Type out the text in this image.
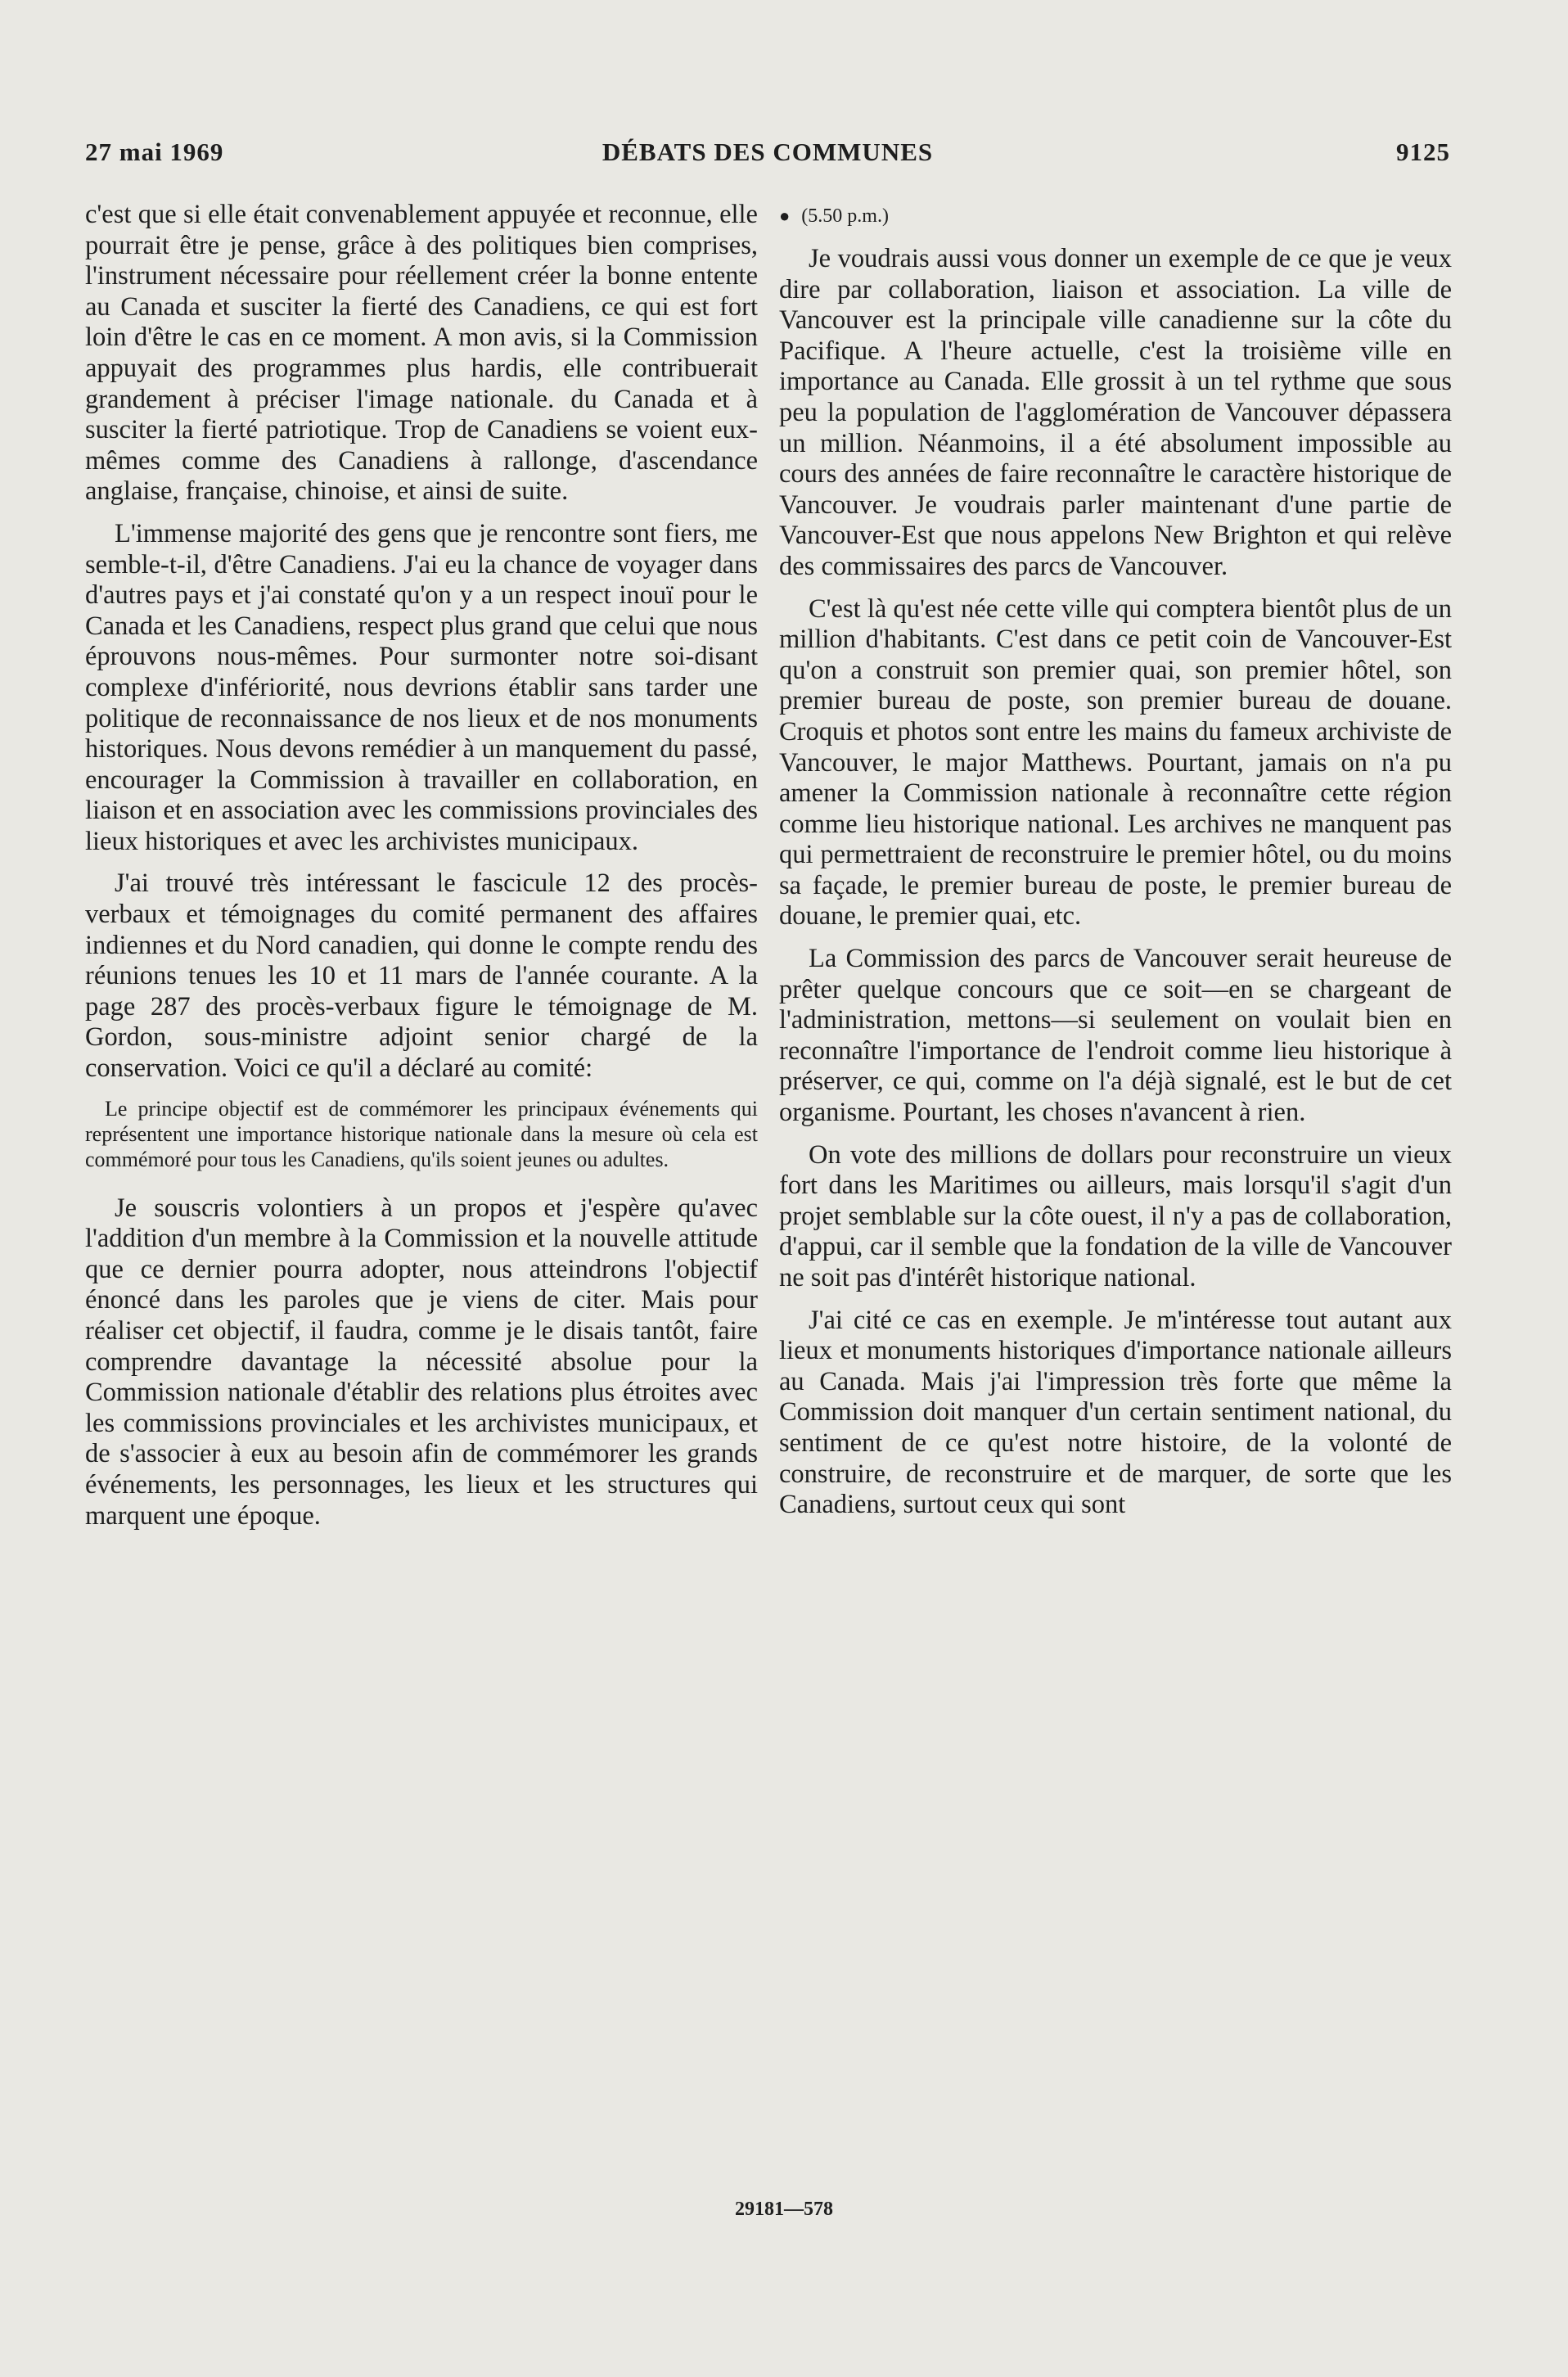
27 mai 1969	DÉBATS DES COMMUNES	9125

c'est que si elle était convenablement appuyée et reconnue, elle pourrait être je pense, grâce à des politiques bien comprises, l'instrument nécessaire pour réellement créer la bonne entente au Canada et susciter la fierté des Canadiens, ce qui est fort loin d'être le cas en ce moment. A mon avis, si la Commission appuyait des programmes plus hardis, elle contribuerait grandement à préciser l'image nationale. du Canada et à susciter la fierté patriotique. Trop de Canadiens se voient eux-mêmes comme des Canadiens à rallonge, d'ascendance anglaise, française, chinoise, et ainsi de suite.

L'immense majorité des gens que je rencontre sont fiers, me semble-t-il, d'être Canadiens. J'ai eu la chance de voyager dans d'autres pays et j'ai constaté qu'on y a un respect inouï pour le Canada et les Canadiens, respect plus grand que celui que nous éprouvons nous-mêmes. Pour surmonter notre soi-disant complexe d'infériorité, nous devrions établir sans tarder une politique de reconnaissance de nos lieux et de nos monuments historiques. Nous devons remédier à un manquement du passé, encourager la Commission à travailler en collaboration, en liaison et en association avec les commissions provinciales des lieux historiques et avec les archivistes municipaux.

J'ai trouvé très intéressant le fascicule 12 des procès-verbaux et témoignages du comité permanent des affaires indiennes et du Nord canadien, qui donne le compte rendu des réunions tenues les 10 et 11 mars de l'année courante. A la page 287 des procès-verbaux figure le témoignage de M. Gordon, sous-ministre adjoint senior chargé de la conservation. Voici ce qu'il a déclaré au comité:

Le principe objectif est de commémorer les principaux événements qui représentent une importance historique nationale dans la mesure où cela est commémoré pour tous les Canadiens, qu'ils soient jeunes ou adultes.

Je souscris volontiers à un propos et j'espère qu'avec l'addition d'un membre à la Commission et la nouvelle attitude que ce dernier pourra adopter, nous atteindrons l'objectif énoncé dans les paroles que je viens de citer. Mais pour réaliser cet objectif, il faudra, comme je le disais tantôt, faire comprendre davantage la nécessité absolue pour la Commission nationale d'établir des relations plus étroites avec les commissions provinciales et les archivistes municipaux, et de s'associer à eux au besoin afin de commémorer les grands événements, les personnages, les lieux et les structures qui marquent une époque.

● (5.50 p.m.)

Je voudrais aussi vous donner un exemple de ce que je veux dire par collaboration, liaison et association. La ville de Vancouver est la principale ville canadienne sur la côte du Pacifique. A l'heure actuelle, c'est la troisième ville en importance au Canada. Elle grossit à un tel rythme que sous peu la population de l'agglomération de Vancouver dépassera un million. Néanmoins, il a été absolument impossible au cours des années de faire reconnaître le caractère historique de Vancouver. Je voudrais parler maintenant d'une partie de Vancouver-Est que nous appelons New Brighton et qui relève des commissaires des parcs de Vancouver.

C'est là qu'est née cette ville qui comptera bientôt plus de un million d'habitants. C'est dans ce petit coin de Vancouver-Est qu'on a construit son premier quai, son premier hôtel, son premier bureau de poste, son premier bureau de douane. Croquis et photos sont entre les mains du fameux archiviste de Vancouver, le major Matthews. Pourtant, jamais on n'a pu amener la Commission nationale à reconnaître cette région comme lieu historique national. Les archives ne manquent pas qui permettraient de reconstruire le premier hôtel, ou du moins sa façade, le premier bureau de poste, le premier bureau de douane, le premier quai, etc.

La Commission des parcs de Vancouver serait heureuse de prêter quelque concours que ce soit—en se chargeant de l'administration, mettons—si seulement on voulait bien en reconnaître l'importance de l'endroit comme lieu historique à préserver, ce qui, comme on l'a déjà signalé, est le but de cet organisme. Pourtant, les choses n'avancent à rien.

On vote des millions de dollars pour reconstruire un vieux fort dans les Maritimes ou ailleurs, mais lorsqu'il s'agit d'un projet semblable sur la côte ouest, il n'y a pas de collaboration, d'appui, car il semble que la fondation de la ville de Vancouver ne soit pas d'intérêt historique national.

J'ai cité ce cas en exemple. Je m'intéresse tout autant aux lieux et monuments historiques d'importance nationale ailleurs au Canada. Mais j'ai l'impression très forte que même la Commission doit manquer d'un certain sentiment national, du sentiment de ce qu'est notre histoire, de la volonté de construire, de reconstruire et de marquer, de sorte que les Canadiens, surtout ceux qui sont

29181—578
